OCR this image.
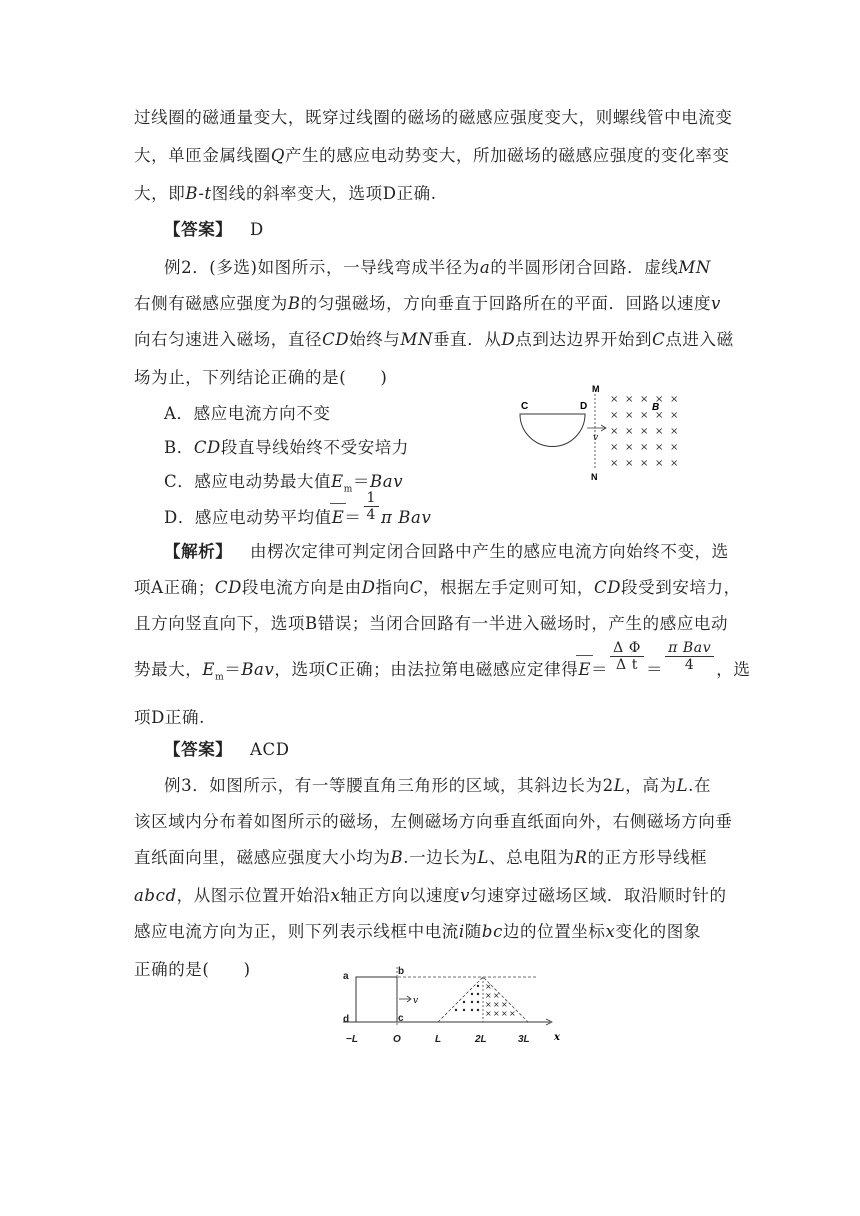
过线圈的磁通量变大，既穿过线圈的磁场的磁感应强度变大，则螺线管中电流变
大，单匝金属线圈Q产生的感应电动势变大，所加磁场的磁感应强度的变化率变
大，即B-t图线的斜率变大，选项D正确.
【答案】 D
例2．(多选)如图所示，一导线弯成半径为a的半圆形闭合回路．虚线MN
右侧有磁感应强度为B的匀强磁场，方向垂直于回路所在的平面．回路以速度v
向右匀速进入磁场，直径CD始终与MN垂直．从D点到达边界开始到C点进入磁
场为止，下列结论正确的是(　　)
A．感应电流方向不变
B．CD段直导线始终不受安培力
C．感应电动势最大值$E_m=Bav$
D．感应电动势平均值$E= \frac{1}{4}$ π Bav
C	D
M
N
v
B
× × × × ×
× × × × ×
× × × × ×
× × × × ×
× × × × ×
【解析】 由楞次定律可判定闭合回路中产生的感应电流方向始终不变，选
项A正确；CD段电流方向是由D指向C，根据左手定则可知，CD段受到安培力，
且方向竖直向下，选项B错误；当闭合回路有一半进入磁场时，产生的感应电动
势最大，$E_m=Bav$，选项C正确；由法拉第电磁感应定律得$E= \frac{\text{Δ Φ}}{\text{Δ t}} = \frac{\text{π Bav}}{4}$ ，选
项D正确.
【答案】 ACD
例3．如图所示，有一等腰直角三角形的区域，其斜边长为2L，高为L.在
该区域内分布着如图所示的磁场，左侧磁场方向垂直纸面向外，右侧磁场方向垂
直纸面向里，磁感应强度大小均为B.一边长为L、总电阻为R的正方形导线框
abcd，从图示位置开始沿x轴正方向以速度v匀速穿过磁场区域．取沿顺时针的
感应电流方向为正，则下列表示线框中电流i随bc边的位置坐标x变化的图象
正确的是(　　)	a
d
b
c
v
×
× ×
× × ×
× × × ×
x
−L	O	L	2L	3L
